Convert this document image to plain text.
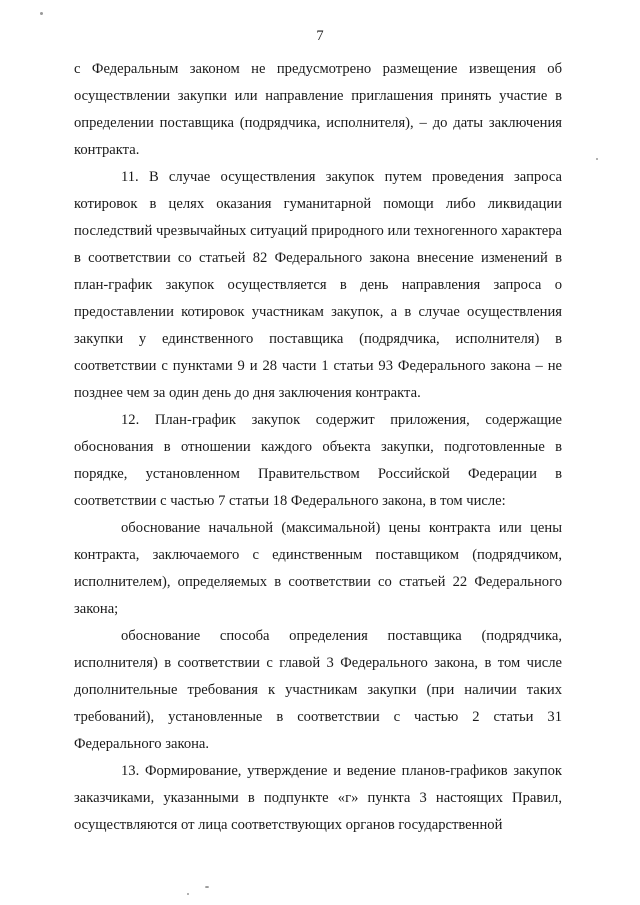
7

с Федеральным законом не предусмотрено размещение извещения об осуществлении закупки или направление приглашения принять участие в определении поставщика (подрядчика, исполнителя), – до даты заключения контракта.

11. В случае осуществления закупок путем проведения запроса котировок в целях оказания гуманитарной помощи либо ликвидации последствий чрезвычайных ситуаций природного или техногенного характера в соответствии со статьей 82 Федерального закона внесение изменений в план-график закупок осуществляется в день направления запроса о предоставлении котировок участникам закупок, а в случае осуществления закупки у единственного поставщика (подрядчика, исполнителя) в соответствии с пунктами 9 и 28 части 1 статьи 93 Федерального закона – не позднее чем за один день до дня заключения контракта.

12. План-график закупок содержит приложения, содержащие обоснования в отношении каждого объекта закупки, подготовленные в порядке, установленном Правительством Российской Федерации в соответствии с частью 7 статьи 18 Федерального закона, в том числе:

обоснование начальной (максимальной) цены контракта или цены контракта, заключаемого с единственным поставщиком (подрядчиком, исполнителем), определяемых в соответствии со статьей 22 Федерального закона;

обоснование способа определения поставщика (подрядчика, исполнителя) в соответствии с главой 3 Федерального закона, в том числе дополнительные требования к участникам закупки (при наличии таких требований), установленные в соответствии с частью 2 статьи 31 Федерального закона.

13. Формирование, утверждение и ведение планов-графиков закупок заказчиками, указанными в подпункте «г» пункта 3 настоящих Правил, осуществляются от лица соответствующих органов государственной
